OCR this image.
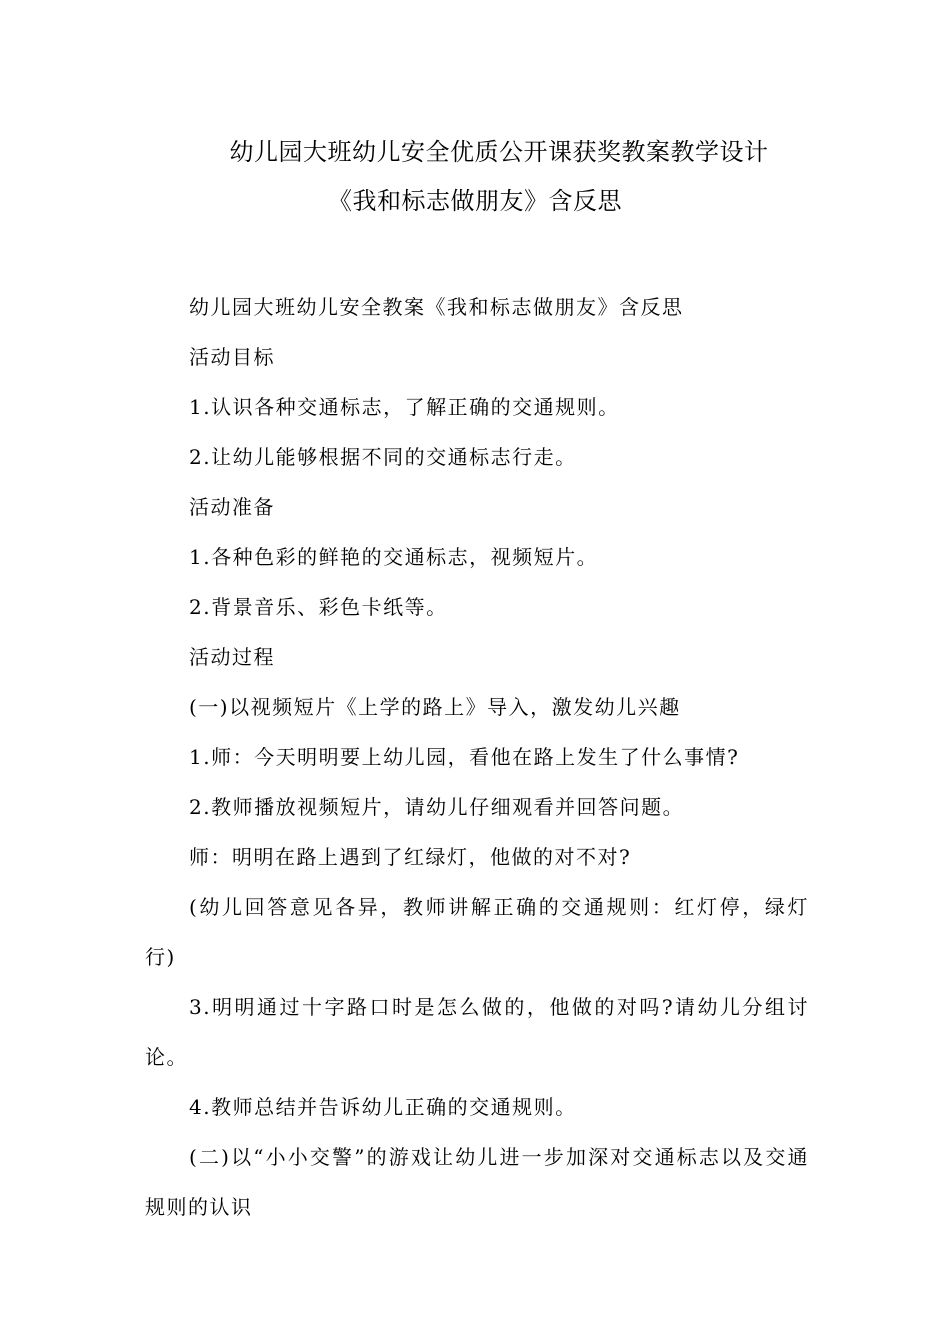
幼儿园大班幼儿安全优质公开课获奖教案教学设计
《我和标志做朋友》含反思

幼儿园大班幼儿安全教案《我和标志做朋友》含反思

活动目标

1.认识各种交通标志，了解正确的交通规则。

2.让幼儿能够根据不同的交通标志行走。

活动准备

1.各种色彩的鲜艳的交通标志，视频短片。

2.背景音乐、彩色卡纸等。

活动过程

(一)以视频短片《上学的路上》导入，激发幼儿兴趣

1.师：今天明明要上幼儿园，看他在路上发生了什么事情?

2.教师播放视频短片，请幼儿仔细观看并回答问题。

师：明明在路上遇到了红绿灯，他做的对不对?

(幼儿回答意见各异，教师讲解正确的交通规则：红灯停，绿灯行)

3.明明通过十字路口时是怎么做的，他做的对吗?请幼儿分组讨论。

4.教师总结并告诉幼儿正确的交通规则。

(二)以“小小交警”的游戏让幼儿进一步加深对交通标志以及交通规则的认识
